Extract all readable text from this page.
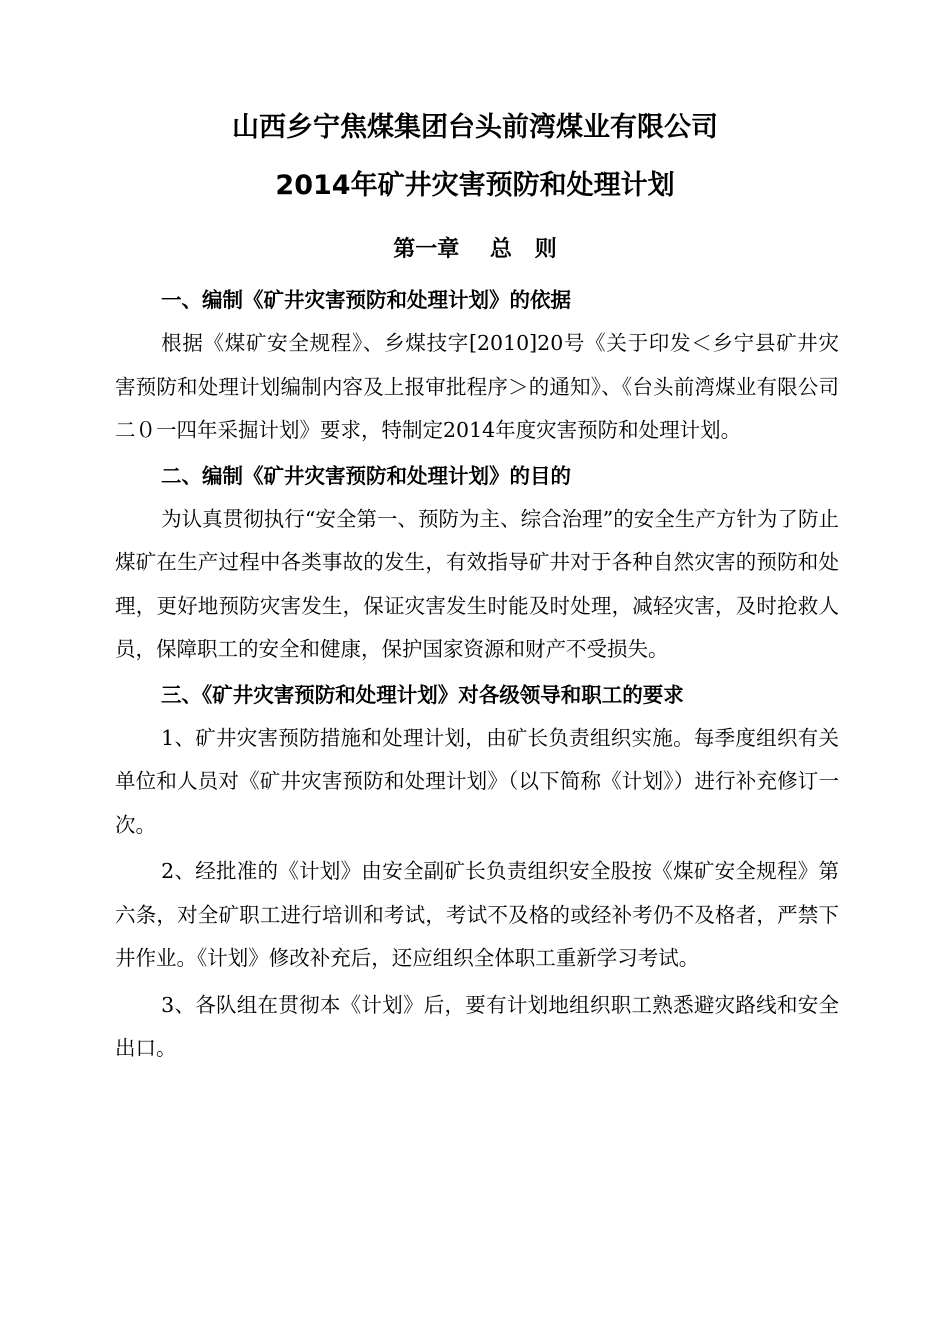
山西乡宁焦煤集团台头前湾煤业有限公司
2014年矿井灾害预防和处理计划
第一章    总   则
一、编制《矿井灾害预防和处理计划》的依据

根据《煤矿安全规程》、乡煤技字[2010]20号《关于印发＜乡宁县矿井灾害预防和处理计划编制内容及上报审批程序＞的通知》、《台头前湾煤业有限公司二０一四年采掘计划》要求，特制定2014年度灾害预防和处理计划。

二、编制《矿井灾害预防和处理计划》的目的

为认真贯彻执行“安全第一、预防为主、综合治理”的安全生产方针为了防止煤矿在生产过程中各类事故的发生，有效指导矿井对于各种自然灾害的预防和处理，更好地预防灾害发生，保证灾害发生时能及时处理，减轻灾害，及时抢救人员，保障职工的安全和健康，保护国家资源和财产不受损失。

三、《矿井灾害预防和处理计划》对各级领导和职工的要求

1、矿井灾害预防措施和处理计划，由矿长负责组织实施。每季度组织有关单位和人员对《矿井灾害预防和处理计划》（以下简称《计划》）进行补充修订一次。

2、经批准的《计划》由安全副矿长负责组织安全股按《煤矿安全规程》第六条，对全矿职工进行培训和考试，考试不及格的或经补考仍不及格者，严禁下井作业。《计划》修改补充后，还应组织全体职工重新学习考试。

3、各队组在贯彻本《计划》后，要有计划地组织职工熟悉避灾路线和安全出口。
